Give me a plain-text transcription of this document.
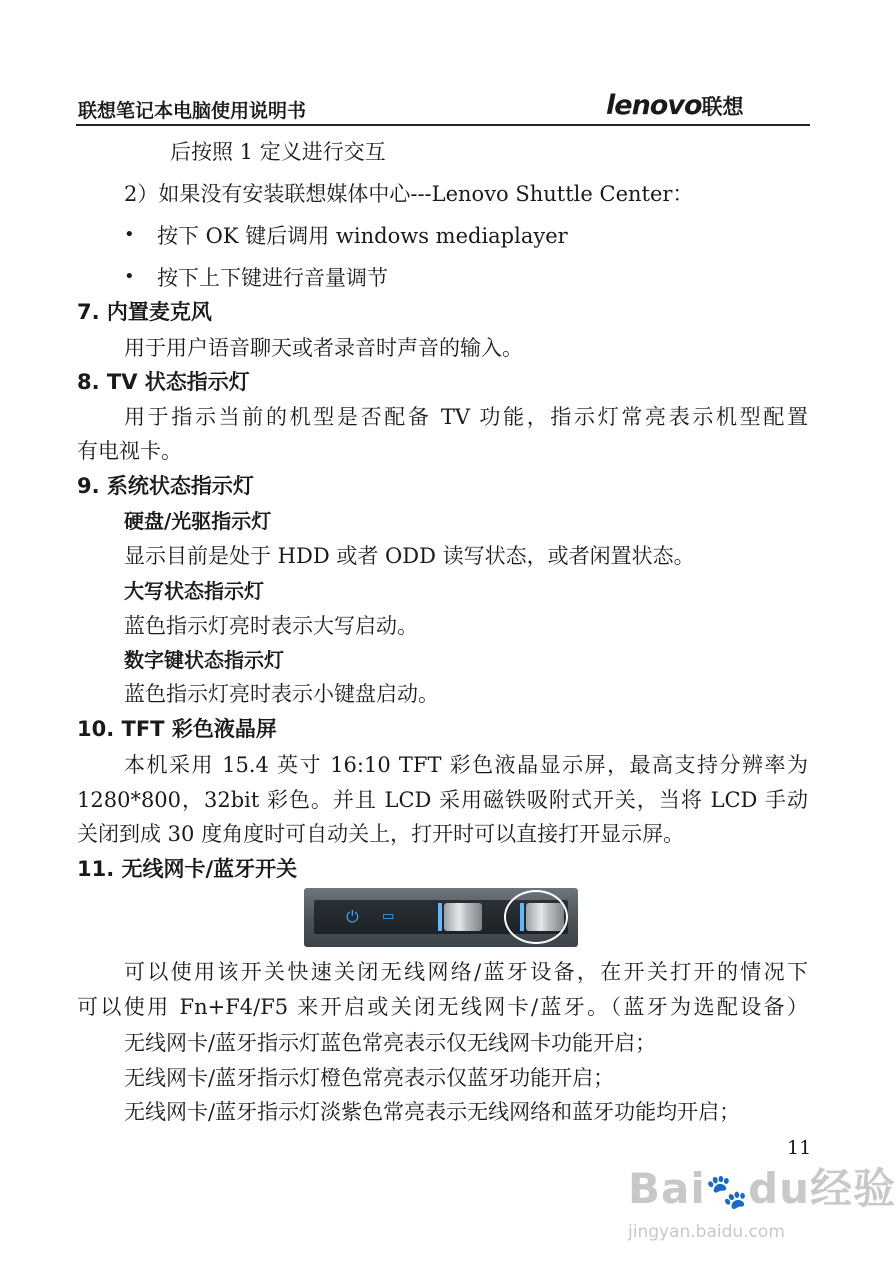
联想笔记本电脑使用说明书	lenovo联想
后按照 1 定义进行交互
2）如果没有安装联想媒体中心---Lenovo Shuttle Center：
• 按下 OK 键后调用 windows mediaplayer
• 按下上下键进行音量调节
7. 内置麦克风
用于用户语音聊天或者录音时声音的输入。
8. TV 状态指示灯
用于指示当前的机型是否配备 TV 功能，指示灯常亮表示机型配置
有电视卡。
9. 系统状态指示灯
硬盘/光驱指示灯
显示目前是处于 HDD 或者 ODD 读写状态，或者闲置状态。
大写状态指示灯
蓝色指示灯亮时表示大写启动。
数字键状态指示灯
蓝色指示灯亮时表示小键盘启动。
10. TFT 彩色液晶屏
本机采用 15.4 英寸 16:10 TFT 彩色液晶显示屏，最高支持分辨率为
1280*800，32bit 彩色。并且 LCD 采用磁铁吸附式开关，当将 LCD 手动
关闭到成 30 度角度时可自动关上，打开时可以直接打开显示屏。
11. 无线网卡/蓝牙开关
⏻ ▭
可以使用该开关快速关闭无线网络/蓝牙设备，在开关打开的情况下
可以使用 Fn+F4/F5 来开启或关闭无线网卡/蓝牙。（蓝牙为选配设备）
无线网卡/蓝牙指示灯蓝色常亮表示仅无线网卡功能开启；
无线网卡/蓝牙指示灯橙色常亮表示仅蓝牙功能开启；
无线网卡/蓝牙指示灯淡紫色常亮表示无线网络和蓝牙功能均开启；
11
Bai🐾du经验
jingyan.baidu.com
